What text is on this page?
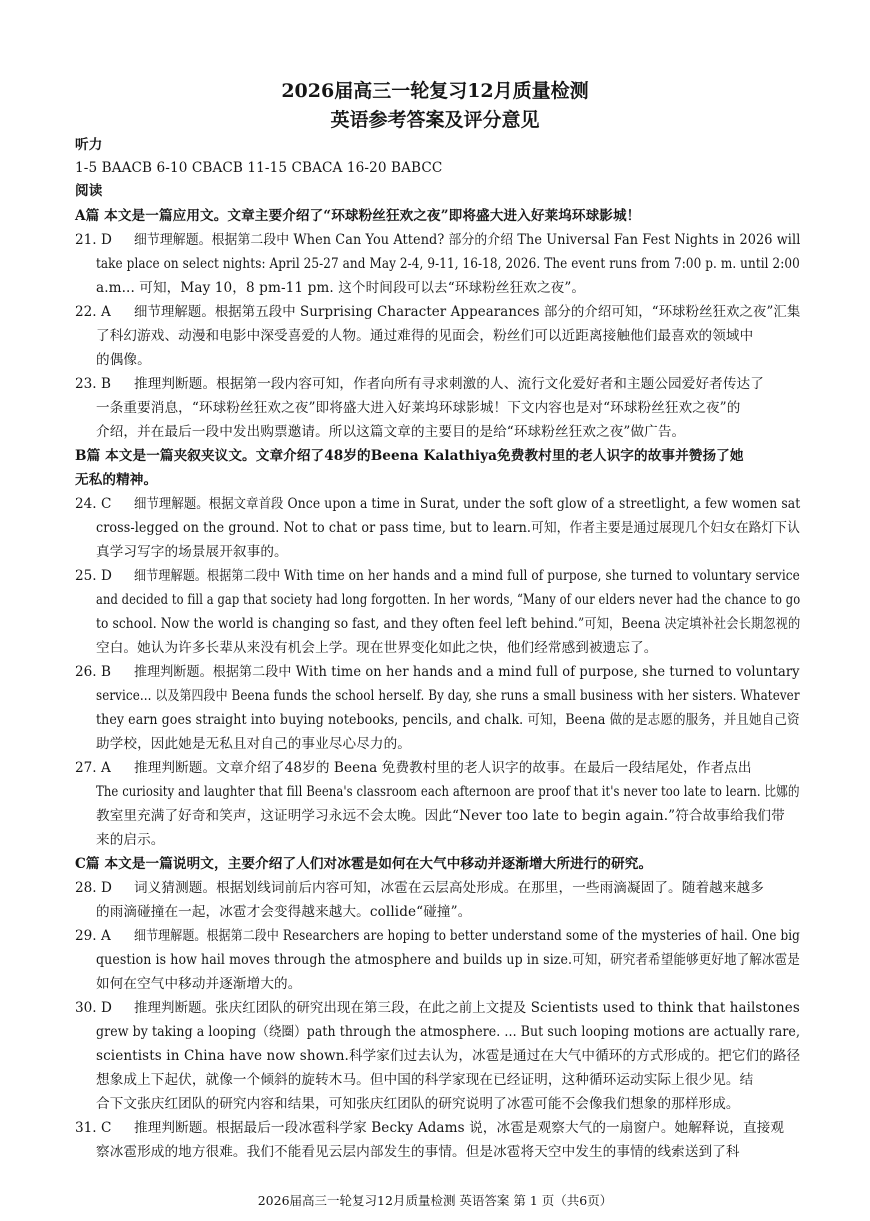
2026届高三一轮复习12月质量检测
英语参考答案及评分意见
听力
1-5 BAACB 6-10 CBACB 11-15 CBACA 16-20 BABCC
阅读
A篇 本文是一篇应用文。文章主要介绍了“环球粉丝狂欢之夜”即将盛大进入好莱坞环球影城！
21. D 细节理解题。根据第二段中 When Can You Attend? 部分的介绍 The Universal Fan Fest Nights in 2026 will
take place on select nights: April 25-27 and May 2-4, 9-11, 16-18, 2026. The event runs from 7:00 p. m. until 2:00
a.m... 可知，May 10，8 pm-11 pm. 这个时间段可以去“环球粉丝狂欢之夜”。
22. A 细节理解题。根据第五段中 Surprising Character Appearances 部分的介绍可知，“环球粉丝狂欢之夜”汇集
了科幻游戏、动漫和电影中深受喜爱的人物。通过难得的见面会，粉丝们可以近距离接触他们最喜欢的领域中
的偶像。
23. B 推理判断题。根据第一段内容可知，作者向所有寻求刺激的人、流行文化爱好者和主题公园爱好者传达了
一条重要消息，“环球粉丝狂欢之夜”即将盛大进入好莱坞环球影城！下文内容也是对“环球粉丝狂欢之夜”的
介绍，并在最后一段中发出购票邀请。所以这篇文章的主要目的是给“环球粉丝狂欢之夜”做广告。
B篇 本文是一篇夹叙夹议文。文章介绍了48岁的Beena Kalathiya免费教村里的老人识字的故事并赞扬了她
无私的精神。
24. C 细节理解题。根据文章首段 Once upon a time in Surat, under the soft glow of a streetlight, a few women sat
cross-legged on the ground. Not to chat or pass time, but to learn.可知，作者主要是通过展现几个妇女在路灯下认
真学习写字的场景展开叙事的。
25. D 细节理解题。根据第二段中 With time on her hands and a mind full of purpose, she turned to voluntary service
and decided to fill a gap that society had long forgotten. In her words, “Many of our elders never had the chance to go
to school. Now the world is changing so fast, and they often feel left behind.”可知，Beena 决定填补社会长期忽视的
空白。她认为许多长辈从来没有机会上学。现在世界变化如此之快，他们经常感到被遗忘了。
26. B 推理判断题。根据第二段中 With time on her hands and a mind full of purpose, she turned to voluntary
service... 以及第四段中 Beena funds the school herself. By day, she runs a small business with her sisters. Whatever
they earn goes straight into buying notebooks, pencils, and chalk. 可知，Beena 做的是志愿的服务，并且她自己资
助学校，因此她是无私且对自己的事业尽心尽力的。
27. A 推理判断题。文章介绍了48岁的 Beena 免费教村里的老人识字的故事。在最后一段结尾处，作者点出
The curiosity and laughter that fill Beena's classroom each afternoon are proof that it's never too late to learn. 比娜的
教室里充满了好奇和笑声，这证明学习永远不会太晚。因此“Never too late to begin again.”符合故事给我们带
来的启示。
C篇 本文是一篇说明文，主要介绍了人们对冰雹是如何在大气中移动并逐渐增大所进行的研究。
28. D 词义猜测题。根据划线词前后内容可知，冰雹在云层高处形成。在那里，一些雨滴凝固了。随着越来越多
的雨滴碰撞在一起，冰雹才会变得越来越大。collide“碰撞”。
29. A 细节理解题。根据第二段中 Researchers are hoping to better understand some of the mysteries of hail. One big
question is how hail moves through the atmosphere and builds up in size.可知，研究者希望能够更好地了解冰雹是
如何在空气中移动并逐渐增大的。
30. D 推理判断题。张庆红团队的研究出现在第三段，在此之前上文提及 Scientists used to think that hailstones
grew by taking a looping（绕圈）path through the atmosphere. ... But such looping motions are actually rare,
scientists in China have now shown.科学家们过去认为，冰雹是通过在大气中循环的方式形成的。把它们的路径
想象成上下起伏，就像一个倾斜的旋转木马。但中国的科学家现在已经证明，这种循环运动实际上很少见。结
合下文张庆红团队的研究内容和结果，可知张庆红团队的研究说明了冰雹可能不会像我们想象的那样形成。
31. C 推理判断题。根据最后一段冰雹科学家 Becky Adams 说，冰雹是观察大气的一扇窗户。她解释说，直接观
察冰雹形成的地方很难。我们不能看见云层内部发生的事情。但是冰雹将天空中发生的事情的线索送到了科
2026届高三一轮复习12月质量检测 英语答案 第 1 页（共6页）
